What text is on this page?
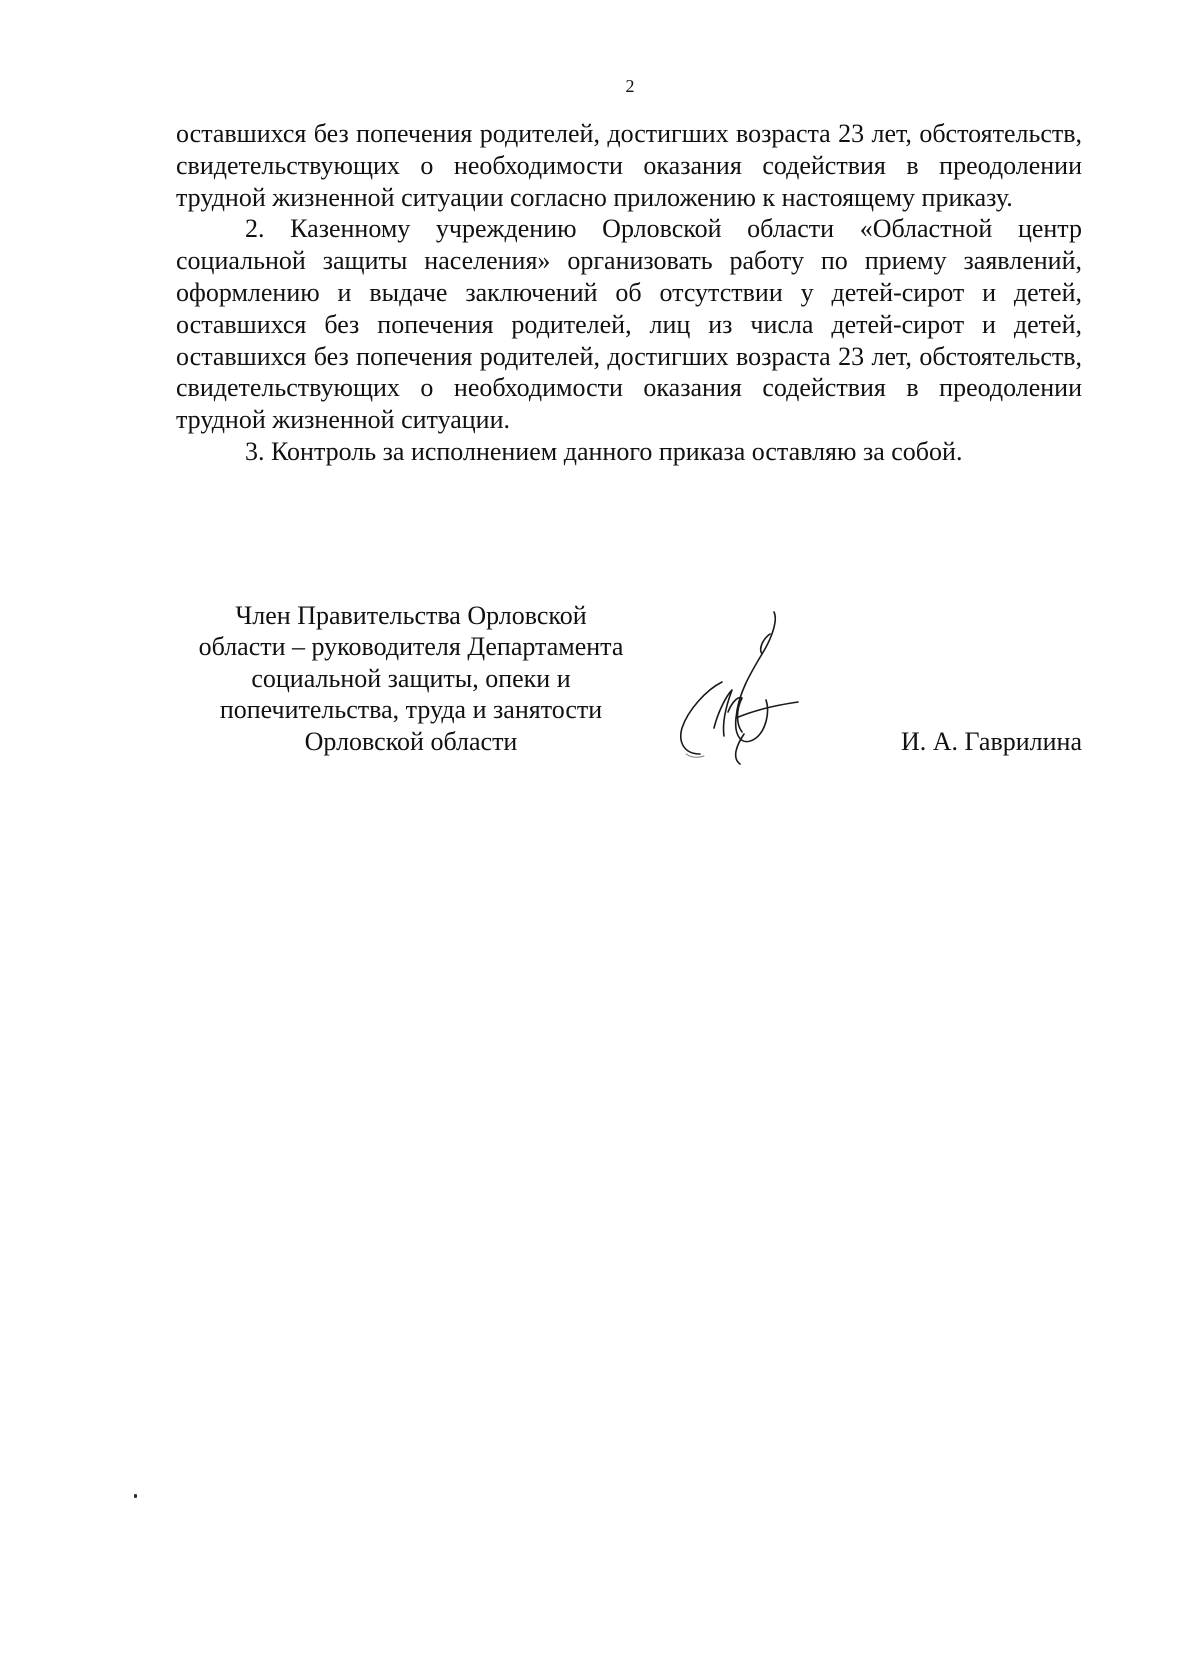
2

оставшихся без попечения родителей, достигших возраста 23 лет, обстоятельств, свидетельствующих о необходимости оказания содействия в преодолении трудной жизненной ситуации согласно приложению к настоящему приказу.

2. Казенному учреждению Орловской области «Областной центр социальной защиты населения» организовать работу по приему заявлений, оформлению и выдаче заключений об отсутствии у детей-сирот и детей, оставшихся без попечения родителей, лиц из числа детей-сирот и детей, оставшихся без попечения родителей, достигших возраста 23 лет, обстоятельств, свидетельствующих о необходимости оказания содействия в преодолении трудной жизненной ситуации.

3. Контроль за исполнением данного приказа оставляю за собой.

Член Правительства Орловской
области – руководителя Департамента
социальной защиты, опеки и
попечительства, труда и занятости
Орловской области	И. А. Гаврилина
